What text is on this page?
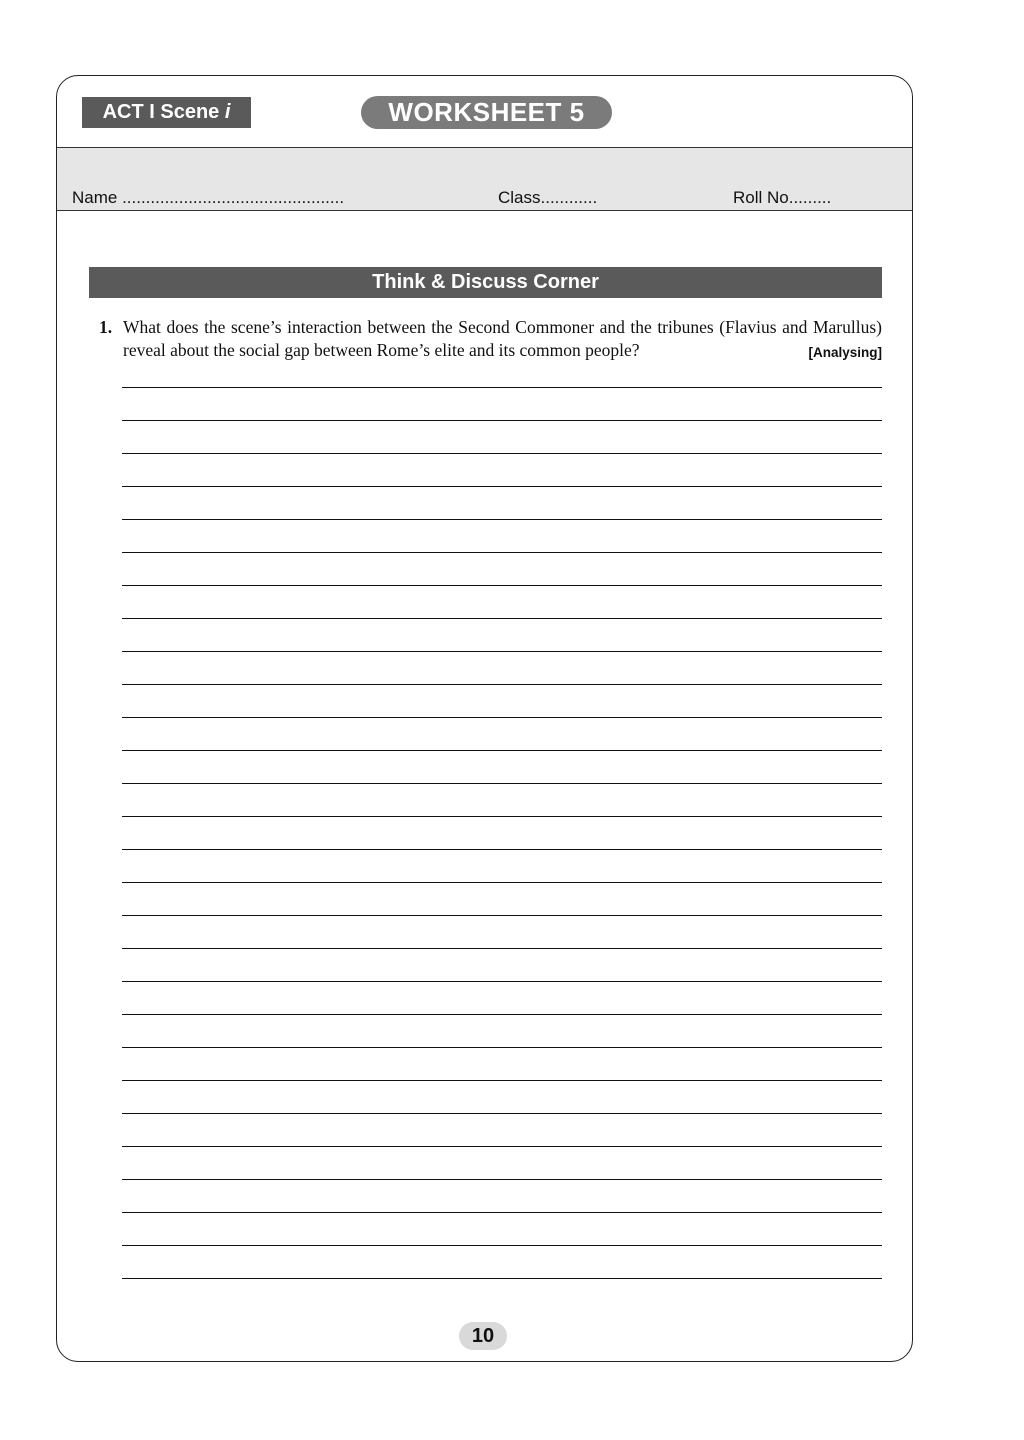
ACT I Scene i	WORKSHEET 5
Name ...............................................	Class............	Roll No.........
Think & Discuss Corner
1. What does the scene’s interaction between the Second Commoner and the tribunes (Flavius and Marullus) reveal about the social gap between Rome’s elite and its common people?	[Analysing]
10
